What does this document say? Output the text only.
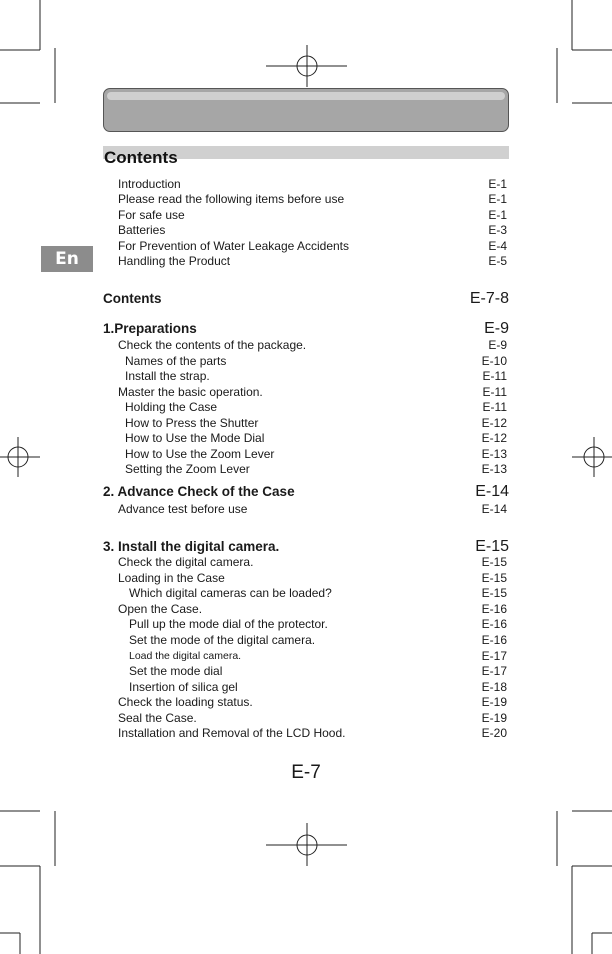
Contents
En
Introduction	E-1
Please read the following items before use	E-1
For safe use	E-1
Batteries	E-3
For Prevention of Water Leakage Accidents	E-4
Handling the Product	E-5
Contents	E-7-8
1.Preparations	E-9
Check the contents of the package.	E-9
Names of the parts	E-10
Install the strap.	E-11
Master the basic operation.	E-11
Holding the Case	E-11
How to Press the Shutter	E-12
How to Use the Mode Dial	E-12
How to Use the Zoom Lever	E-13
Setting the Zoom Lever	E-13
2. Advance Check of the Case	E-14
Advance test before use	E-14
3. Install the digital camera.	E-15
Check the digital camera.	E-15
Loading in the Case	E-15
Which digital cameras can be loaded?	E-15
Open the Case.	E-16
Pull up the mode dial of the protector.	E-16
Set the mode of the digital camera.	E-16
Load the digital camera.	E-17
Set the mode dial	E-17
Insertion of silica gel	E-18
Check the loading status.	E-19
Seal the Case.	E-19
Installation and Removal of the LCD Hood.	E-20
E-7
